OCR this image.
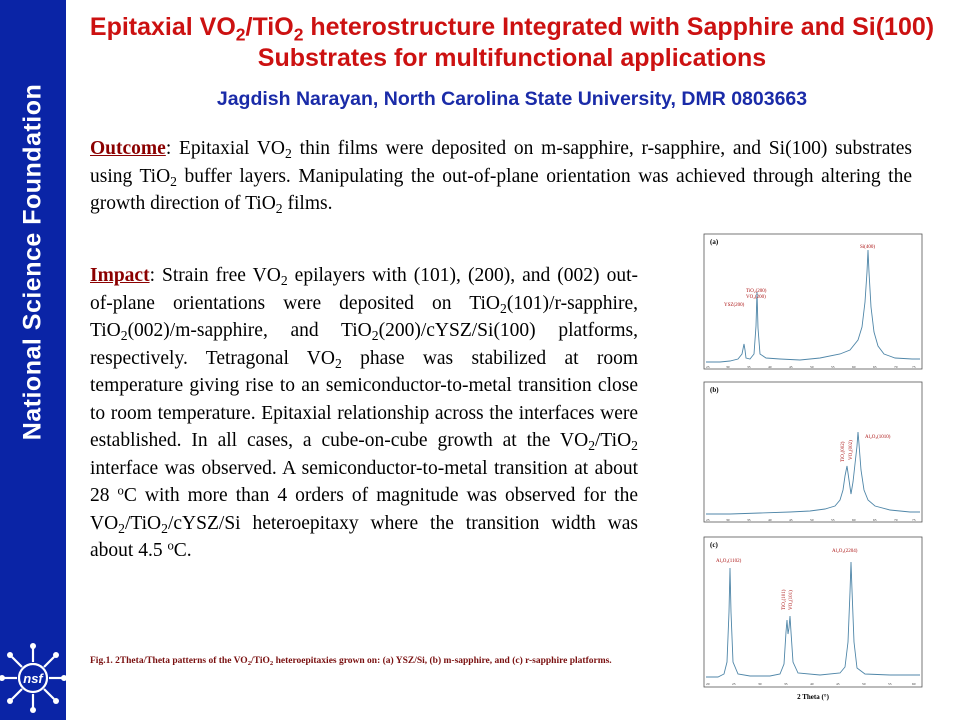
National Science Foundation
nsf
Epitaxial $VO_2/TiO_2$ heterostructure Integrated with Sapphire and Si(100) Substrates for multifunctional applications

Jagdish Narayan, North Carolina State University, DMR 0803663

Outcome: Epitaxial $VO_2$ thin films were deposited on m-sapphire, r-sapphire, and Si(100) substrates using TiO$_2$ buffer layers. Manipulating the out-of-plane orientation was achieved through altering the growth direction of TiO$_2$ films.

Impact: Strain free $VO_2$ epilayers with (101), (200), and (002) out-of-plane orientations were deposited on TiO$_2$(101)/r-sapphire, TiO$_2$(002)/m-sapphire, and TiO$_2$(200)/cYSZ/Si(100) platforms, respectively. Tetragonal $VO_2$ phase was stabilized at room temperature giving rise to an semiconductor-to-metal transition close to room temperature. Epitaxial relationship across the interfaces were established. In all cases, a cube-on-cube growth at the $VO_2/TiO_2$ interface was observed. A semiconductor-to-metal transition at about 28 $^o$C with more than 4 orders of magnitude was observed for the $VO_2/TiO_2/cYSZ/Si$ heteroepitaxy where the transition width was about 4.5 $^o$C.

Fig.1. 2Theta/Theta patterns of the $VO_2/TiO_2$ heteroepitaxies grown on: (a) YSZ/Si, (b) m-sapphire, and (c) r-sapphire platforms.

(a)
TiO₂(200)
VO₂(200)
YSZ(200)
Si(400)
25	30	35	40	45	50	55	60	65	70	75
(b)
Al₂O₃(1010)
TiO₂(002) VO₂(002)
25	30	35	40	45	50	55	60	65	70	75
(c)
Al₂O₃(1102)
Al₂O₃(2204)
TiO₂(101) VO₂(101)
20	25	30	35	40	45	50	55	60
2 Theta (°)
